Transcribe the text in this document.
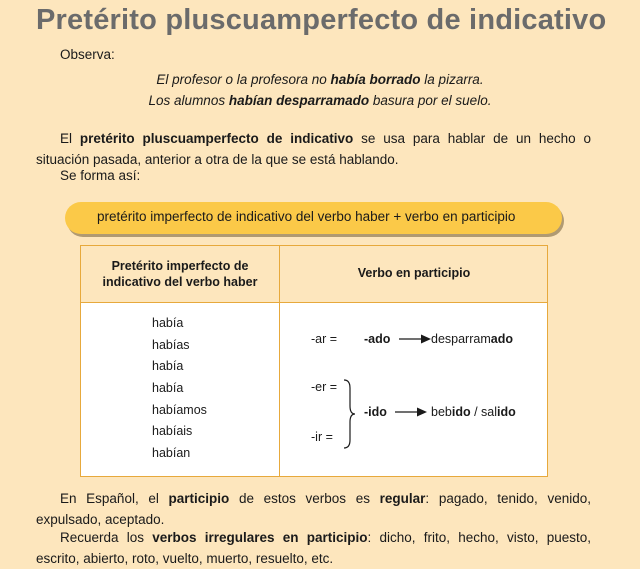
Pretérito pluscuamperfecto de indicativo
Observa:
El profesor o la profesora no había borrado la pizarra.
Los alumnos habían desparramado basura por el suelo.
El pretérito pluscuamperfecto de indicativo se usa para hablar de un hecho o situación pasada, anterior a otra de la que se está hablando.
Se forma así:
pretérito imperfecto de indicativo del verbo haber + verbo en participio
Pretérito imperfecto de indicativo del verbo haber
Verbo en participio
había
habías
había
había
habíamos
habíais
habían
-ar = -ado	desparramado
-er =
-ir =
-ido	bebido / salido
En Español, el participio de estos verbos es regular: pagado, tenido, venido, expulsado, aceptado.
Recuerda los verbos irregulares en participio: dicho, frito, hecho, visto, puesto, escrito, abierto, roto, vuelto, muerto, resuelto, etc.
